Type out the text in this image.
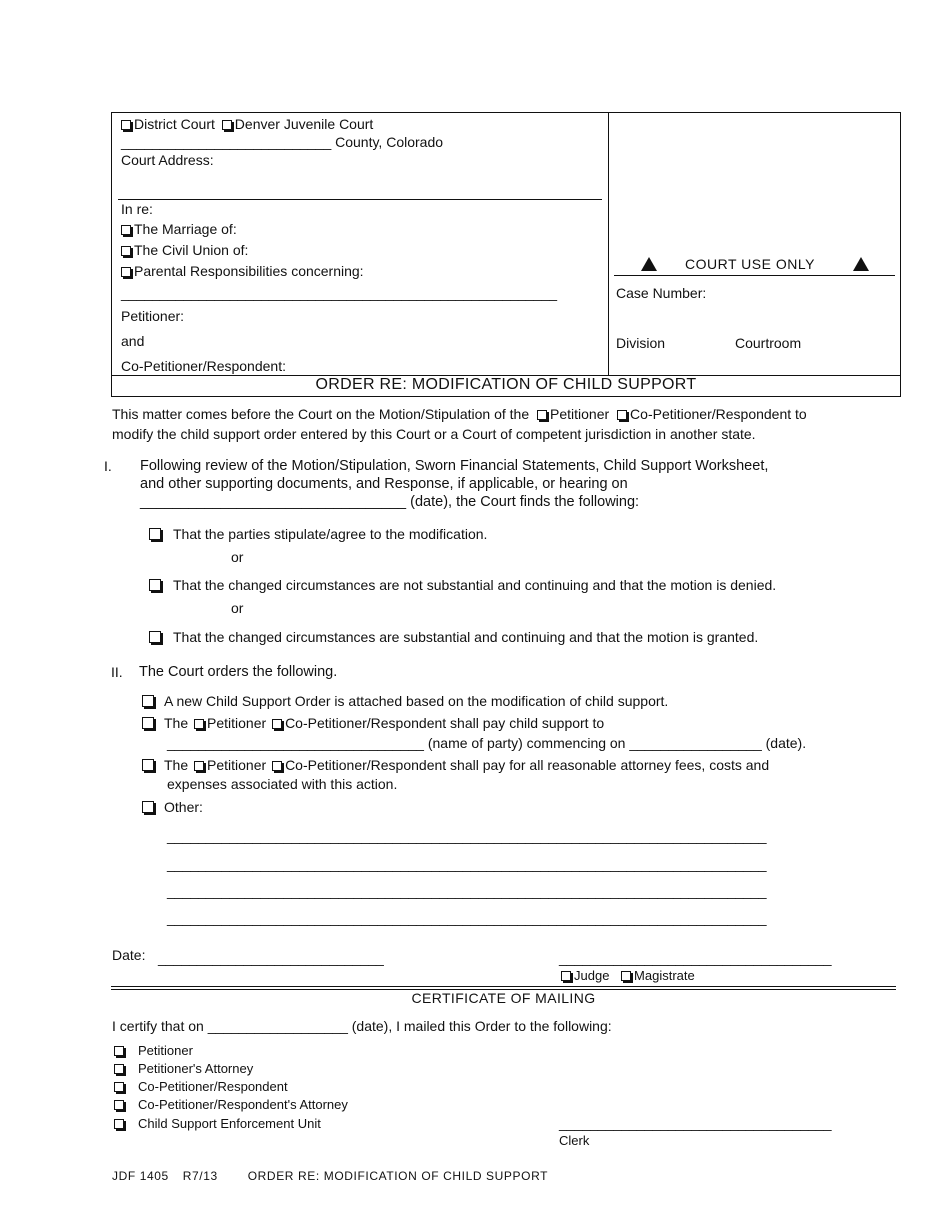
District Court Denver Juvenile Court
___________________________ County, Colorado
Court Address:
In re:
The Marriage of:
The Civil Union of:
Parental Responsibilities concerning:
________________________________________________________
Petitioner:
and
Co-Petitioner/Respondent:
COURT USE ONLY
Case Number:
Division	Courtroom
ORDER RE: MODIFICATION OF CHILD SUPPORT
This matter comes before the Court on the Motion/Stipulation of the Petitioner Co-Petitioner/Respondent to
modify the child support order entered by this Court or a Court of competent jurisdiction in another state.
I. Following review of the Motion/Stipulation, Sworn Financial Statements, Child Support Worksheet,
and other supporting documents, and Response, if applicable, or hearing on
_________________________________ (date), the Court finds the following:
That the parties stipulate/agree to the modification.
or
That the changed circumstances are not substantial and continuing and that the motion is denied.
or
That the changed circumstances are substantial and continuing and that the motion is granted.
II. The Court orders the following.
A new Child Support Order is attached based on the modification of child support.
The Petitioner Co-Petitioner/Respondent shall pay child support to
_________________________________ (name of party) commencing on _________________ (date).
The Petitioner Co-Petitioner/Respondent shall pay for all reasonable attorney fees, costs and
expenses associated with this action.
Other:
_____________________________________________________________________________
_____________________________________________________________________________
_____________________________________________________________________________
_____________________________________________________________________________
Date: _____________________________	___________________________________
Judge Magistrate
CERTIFICATE OF MAILING
I certify that on __________________ (date), I mailed this Order to the following:
Petitioner
Petitioner's Attorney
Co-Petitioner/Respondent
Co-Petitioner/Respondent's Attorney
Child Support Enforcement Unit	___________________________________
Clerk
JDF 1405 R7/13 ORDER RE: MODIFICATION OF CHILD SUPPORT
